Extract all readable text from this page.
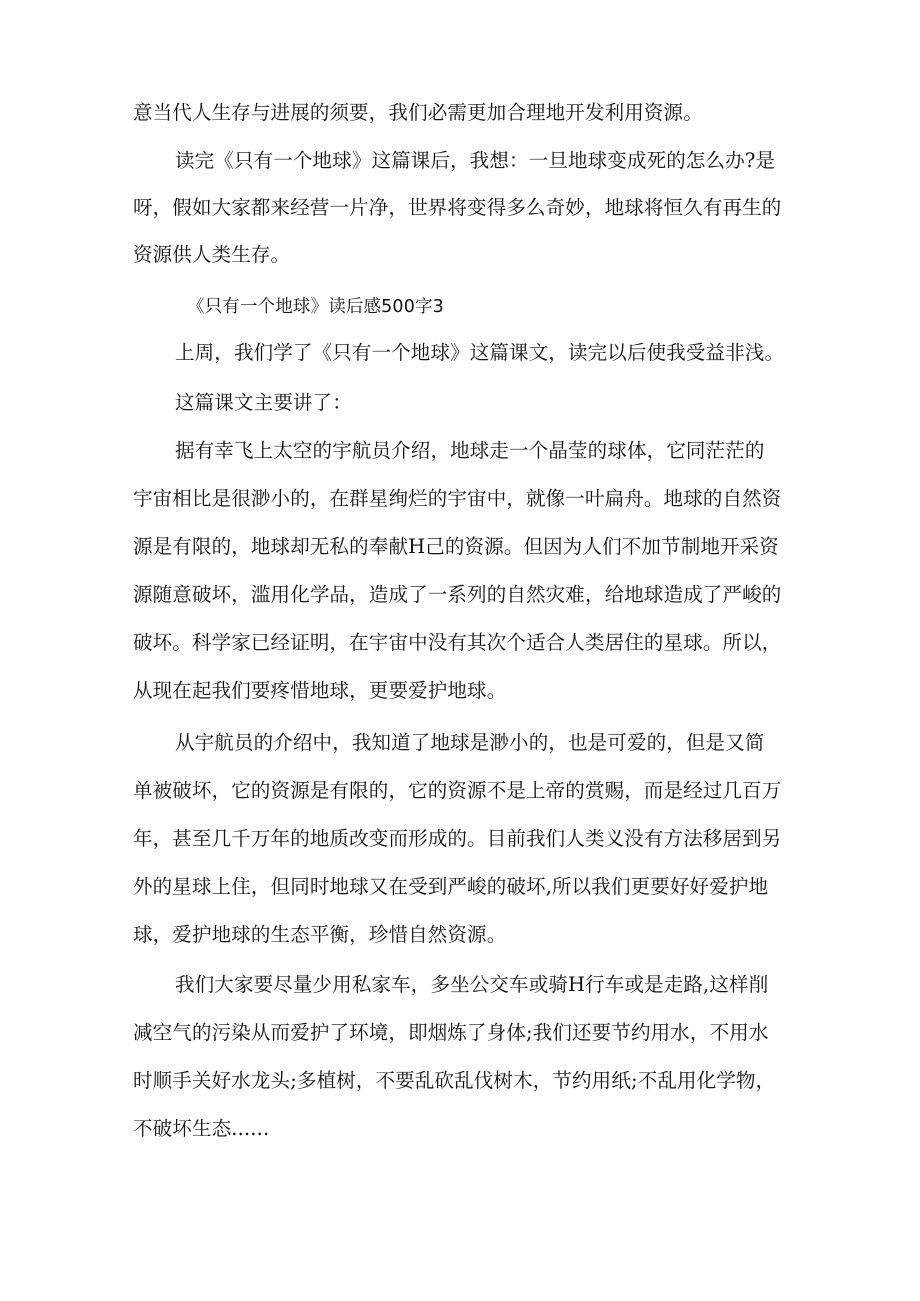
意当代人生存与进展的须要，我们必需更加合理地开发利用资源。
读完《只有一个地球》这篇课后，我想：一旦地球变成死的怎么办?是
呀，假如大家都来经营一片净，世界将变得多么奇妙，地球将恒久有再生的
资源供人类生存。
《只有一个地球》读后感500字3
上周，我们学了《只有一个地球》这篇课文，读完以后使我受益非浅。
这篇课文主要讲了：
据有幸飞上太空的宇航员介绍，地球走一个晶莹的球体，它同茫茫的
宇宙相比是很渺小的，在群星绚烂的宇宙中，就像一叶扁舟。地球的自然资
源是有限的，地球却无私的奉献H己的资源。但因为人们不加节制地开采资
源随意破坏，滥用化学品，造成了一系列的自然灾难，给地球造成了严峻的
破坏。科学家已经证明，在宇宙中没有其次个适合人类居住的星球。所以，
从现在起我们要疼惜地球，更要爱护地球。
从宇航员的介绍中，我知道了地球是渺小的，也是可爱的，但是又简
单被破坏，它的资源是有限的，它的资源不是上帝的赏赐，而是经过几百万
年，甚至几千万年的地质改变而形成的。目前我们人类义没有方法移居到另
外的星球上住，但同时地球又在受到严峻的破坏,所以我们更要好好爱护地
球，爱护地球的生态平衡，珍惜自然资源。
我们大家要尽量少用私家车，多坐公交车或骑H行车或是走路,这样削
减空气的污染从而爱护了环境，即烟炼了身体;我们还要节约用水，不用水
时顺手关好水龙头;多植树，不要乱砍乱伐树木，节约用纸;不乱用化学物，
不破坏生态......
